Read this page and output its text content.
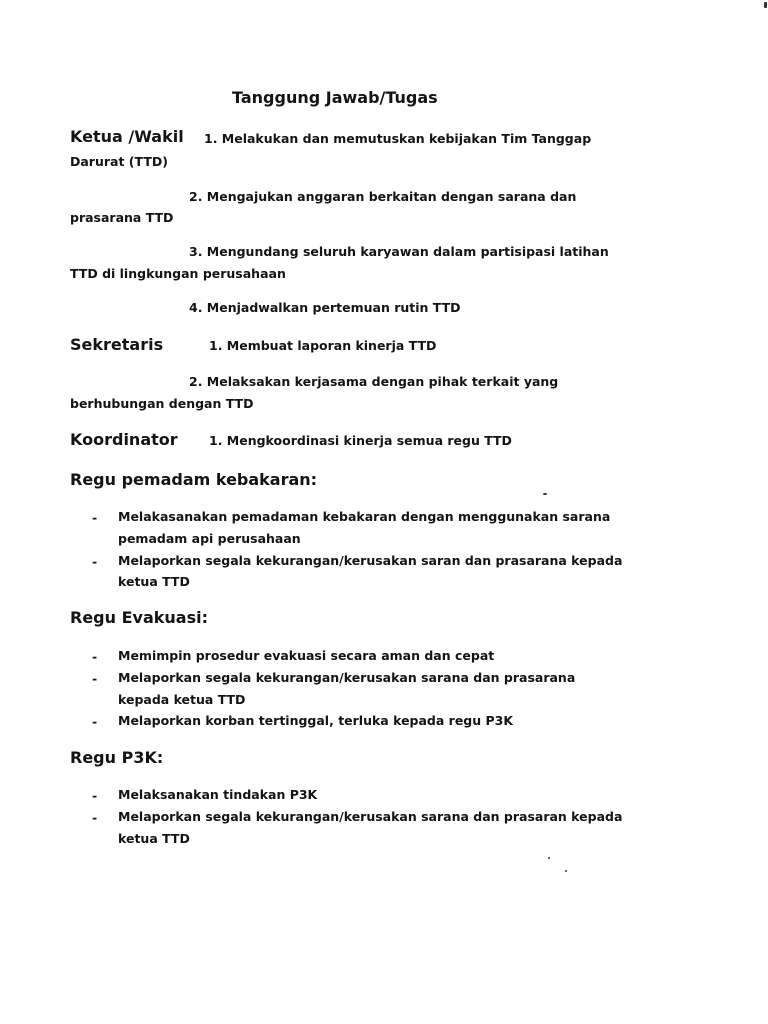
Tanggung Jawab/Tugas
Ketua /Wakil 1. Melakukan dan memutuskan kebijakan Tim Tanggap
Darurat (TTD)
2. Mengajukan anggaran berkaitan dengan sarana dan
prasarana TTD
3. Mengundang seluruh karyawan dalam partisipasi latihan
TTD di lingkungan perusahaan
4. Menjadwalkan pertemuan rutin TTD
Sekretaris	1. Membuat laporan kinerja TTD
2. Melaksakan kerjasama dengan pihak terkait yang
berhubungan dengan TTD
Koordinator	1. Mengkoordinasi kinerja semua regu TTD
Regu pemadam kebakaran:
- Melakasanakan pemadaman kebakaran dengan menggunakan sarana
pemadam api perusahaan
- Melaporkan segala kekurangan/kerusakan saran dan prasarana kepada
ketua TTD
Regu Evakuasi:
- Memimpin prosedur evakuasi secara aman dan cepat
- Melaporkan segala kekurangan/kerusakan sarana dan prasarana
kepada ketua TTD
- Melaporkan korban tertinggal, terluka kepada regu P3K
Regu P3K:
- Melaksanakan tindakan P3K
- Melaporkan segala kekurangan/kerusakan sarana dan prasaran kepada
ketua TTD
